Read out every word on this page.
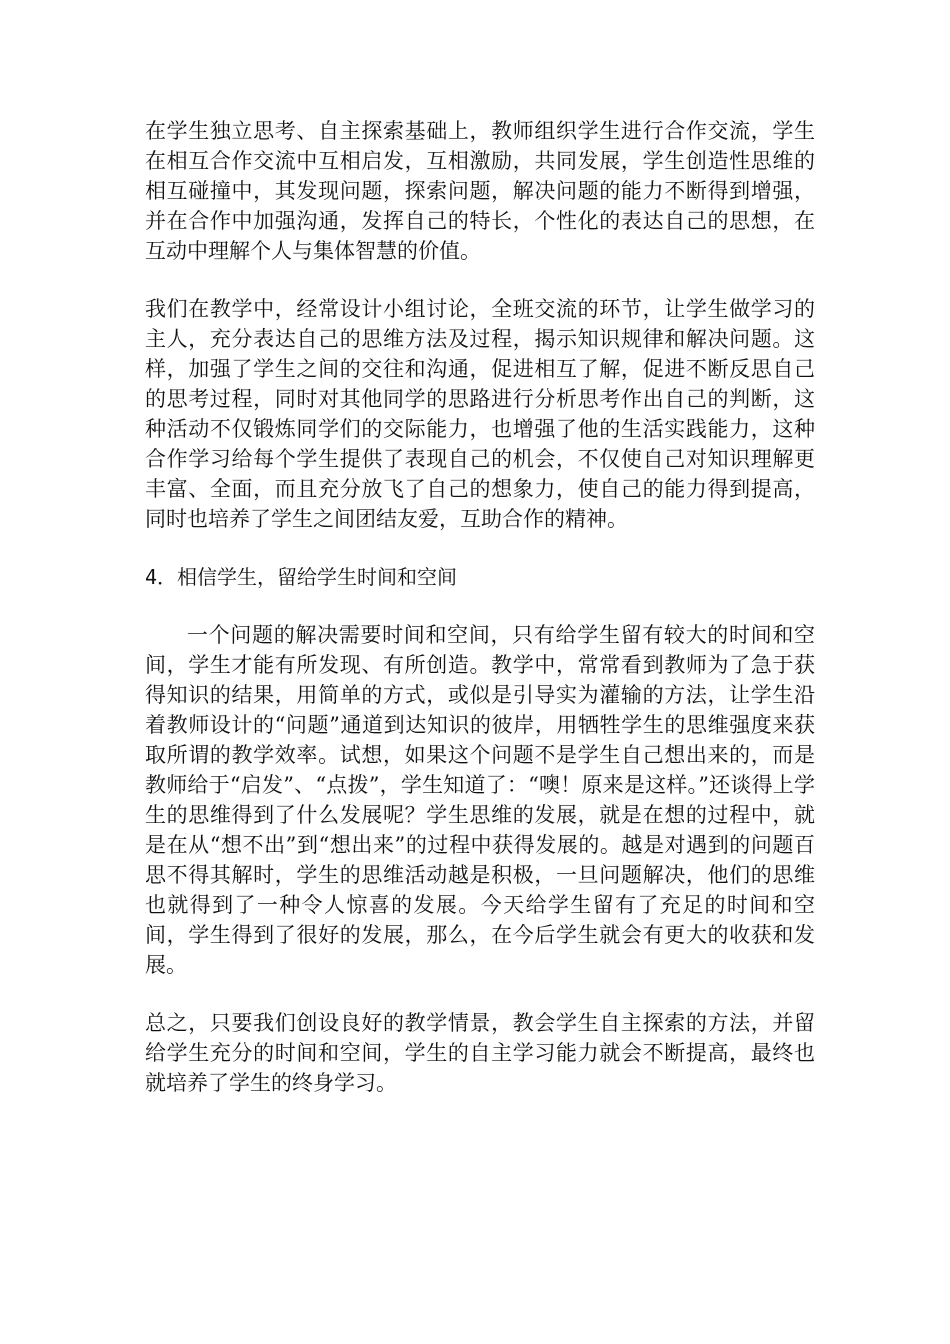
在学生独立思考、自主探索基础上，教师组织学生进行合作交流，学生在相互合作交流中互相启发，互相激励，共同发展，学生创造性思维的相互碰撞中，其发现问题，探索问题，解决问题的能力不断得到增强，并在合作中加强沟通，发挥自己的特长，个性化的表达自己的思想，在互动中理解个人与集体智慧的价值。

我们在教学中，经常设计小组讨论，全班交流的环节，让学生做学习的主人，充分表达自己的思维方法及过程，揭示知识规律和解决问题。这样，加强了学生之间的交往和沟通，促进相互了解，促进不断反思自己的思考过程，同时对其他同学的思路进行分析思考作出自己的判断，这种活动不仅锻炼同学们的交际能力，也增强了他的生活实践能力，这种合作学习给每个学生提供了表现自己的机会，不仅使自己对知识理解更丰富、全面，而且充分放飞了自己的想象力，使自己的能力得到提高，同时也培养了学生之间团结友爱，互助合作的精神。

4．相信学生，留给学生时间和空间

一个问题的解决需要时间和空间，只有给学生留有较大的时间和空间，学生才能有所发现、有所创造。教学中，常常看到教师为了急于获得知识的结果，用简单的方式，或似是引导实为灌输的方法，让学生沿着教师设计的“问题”通道到达知识的彼岸，用牺牲学生的思维强度来获取所谓的教学效率。试想，如果这个问题不是学生自己想出来的，而是教师给于“启发”、“点拨”，学生知道了：“噢！原来是这样。”还谈得上学生的思维得到了什么发展呢？学生思维的发展，就是在想的过程中，就是在从“想不出”到“想出来”的过程中获得发展的。越是对遇到的问题百思不得其解时，学生的思维活动越是积极，一旦问题解决，他们的思维也就得到了一种令人惊喜的发展。今天给学生留有了充足的时间和空间，学生得到了很好的发展，那么，在今后学生就会有更大的收获和发展。

总之，只要我们创设良好的教学情景，教会学生自主探索的方法，并留给学生充分的时间和空间，学生的自主学习能力就会不断提高，最终也就培养了学生的终身学习。
